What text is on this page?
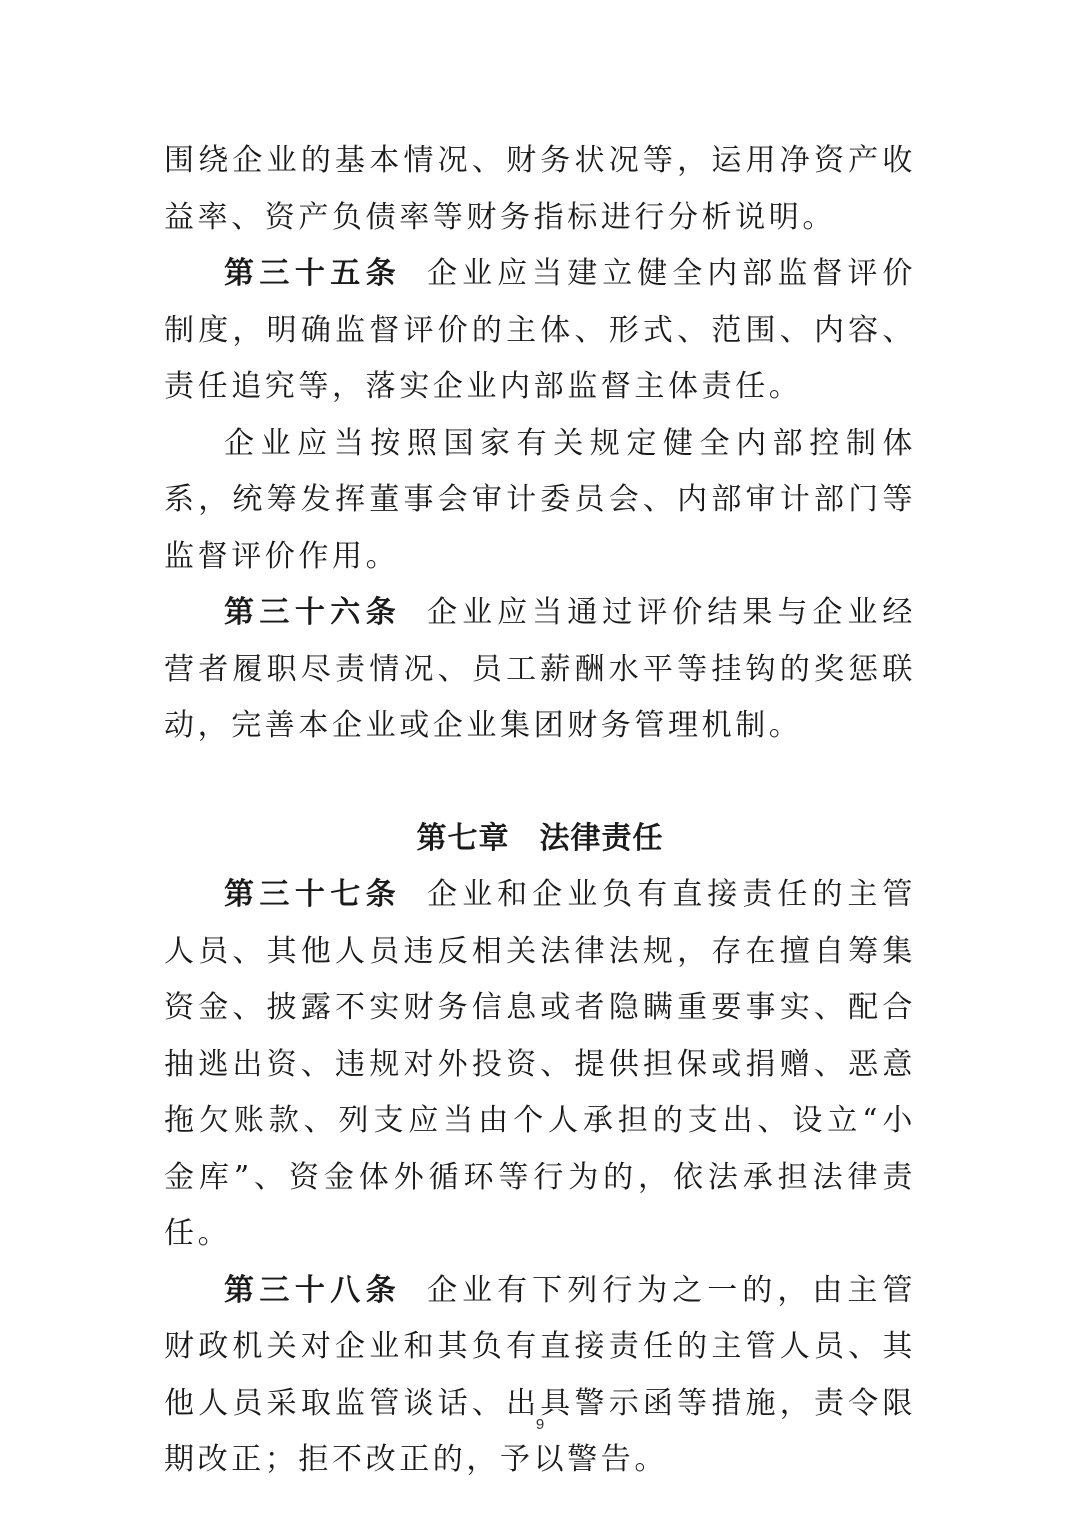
围绕企业的基本情况、财务状况等，运用净资产收益率、资产负债率等财务指标进行分析说明。

第三十五条 企业应当建立健全内部监督评价制度，明确监督评价的主体、形式、范围、内容、责任追究等，落实企业内部监督主体责任。

企业应当按照国家有关规定健全内部控制体系，统筹发挥董事会审计委员会、内部审计部门等监督评价作用。

第三十六条 企业应当通过评价结果与企业经营者履职尽责情况、员工薪酬水平等挂钩的奖惩联动，完善本企业或企业集团财务管理机制。

第七章 法律责任

第三十七条 企业和企业负有直接责任的主管人员、其他人员违反相关法律法规，存在擅自筹集资金、披露不实财务信息或者隐瞒重要事实、配合抽逃出资、违规对外投资、提供担保或捐赠、恶意拖欠账款、列支应当由个人承担的支出、设立“小金库”、资金体外循环等行为的，依法承担法律责任。

第三十八条 企业有下列行为之一的，由主管财政机关对企业和其负有直接责任的主管人员、其他人员采取监管谈话、出具警示函等措施，责令限期改正；拒不改正的，予以警告。

9
